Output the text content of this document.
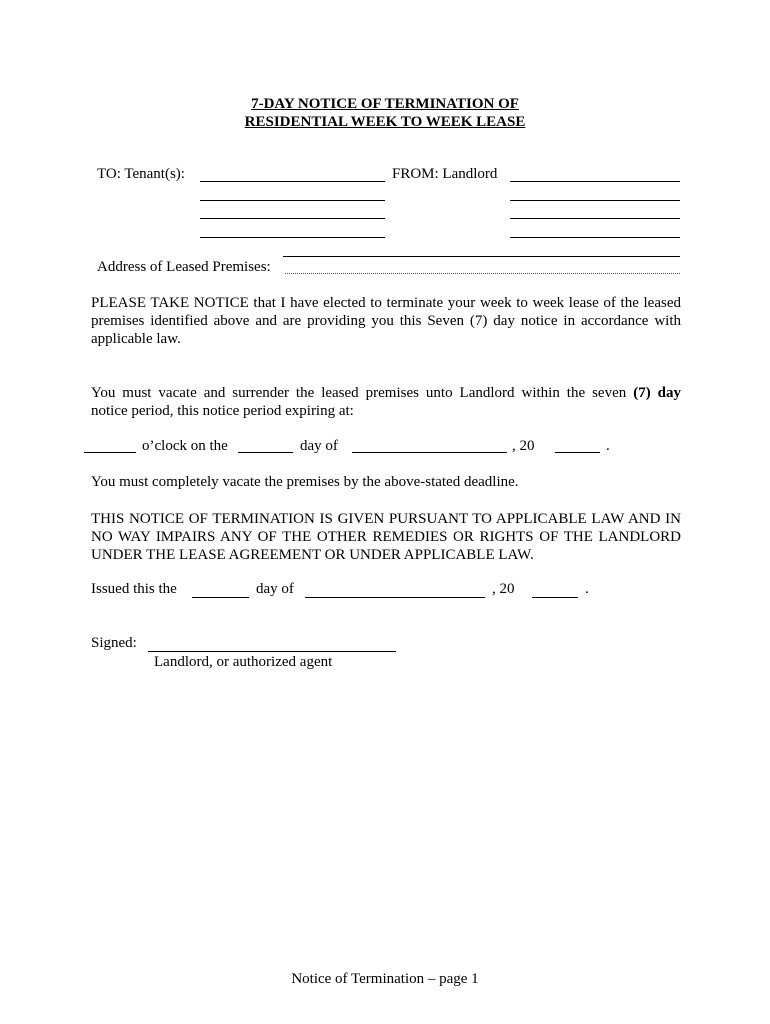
7-DAY NOTICE OF TERMINATION OF
RESIDENTIAL WEEK TO WEEK LEASE
TO: Tenant(s):	FROM: Landlord
Address of Leased Premises:
PLEASE TAKE NOTICE that I have elected to terminate your week to week lease of the leased
premises identified above and are providing you this Seven (7) day notice in accordance with
applicable law.
You must vacate and surrender the leased premises unto Landlord within the seven (7) day
notice period, this notice period expiring at:
o’clock on the	day of	, 20	.
You must completely vacate the premises by the above-stated deadline.
THIS NOTICE OF TERMINATION IS GIVEN PURSUANT TO APPLICABLE LAW AND IN
NO WAY IMPAIRS ANY OF THE OTHER REMEDIES OR RIGHTS OF THE LANDLORD
UNDER THE LEASE AGREEMENT OR UNDER APPLICABLE LAW.
Issued this the	day of	, 20	.
Signed:
Landlord, or authorized agent
Notice of Termination – page 1
